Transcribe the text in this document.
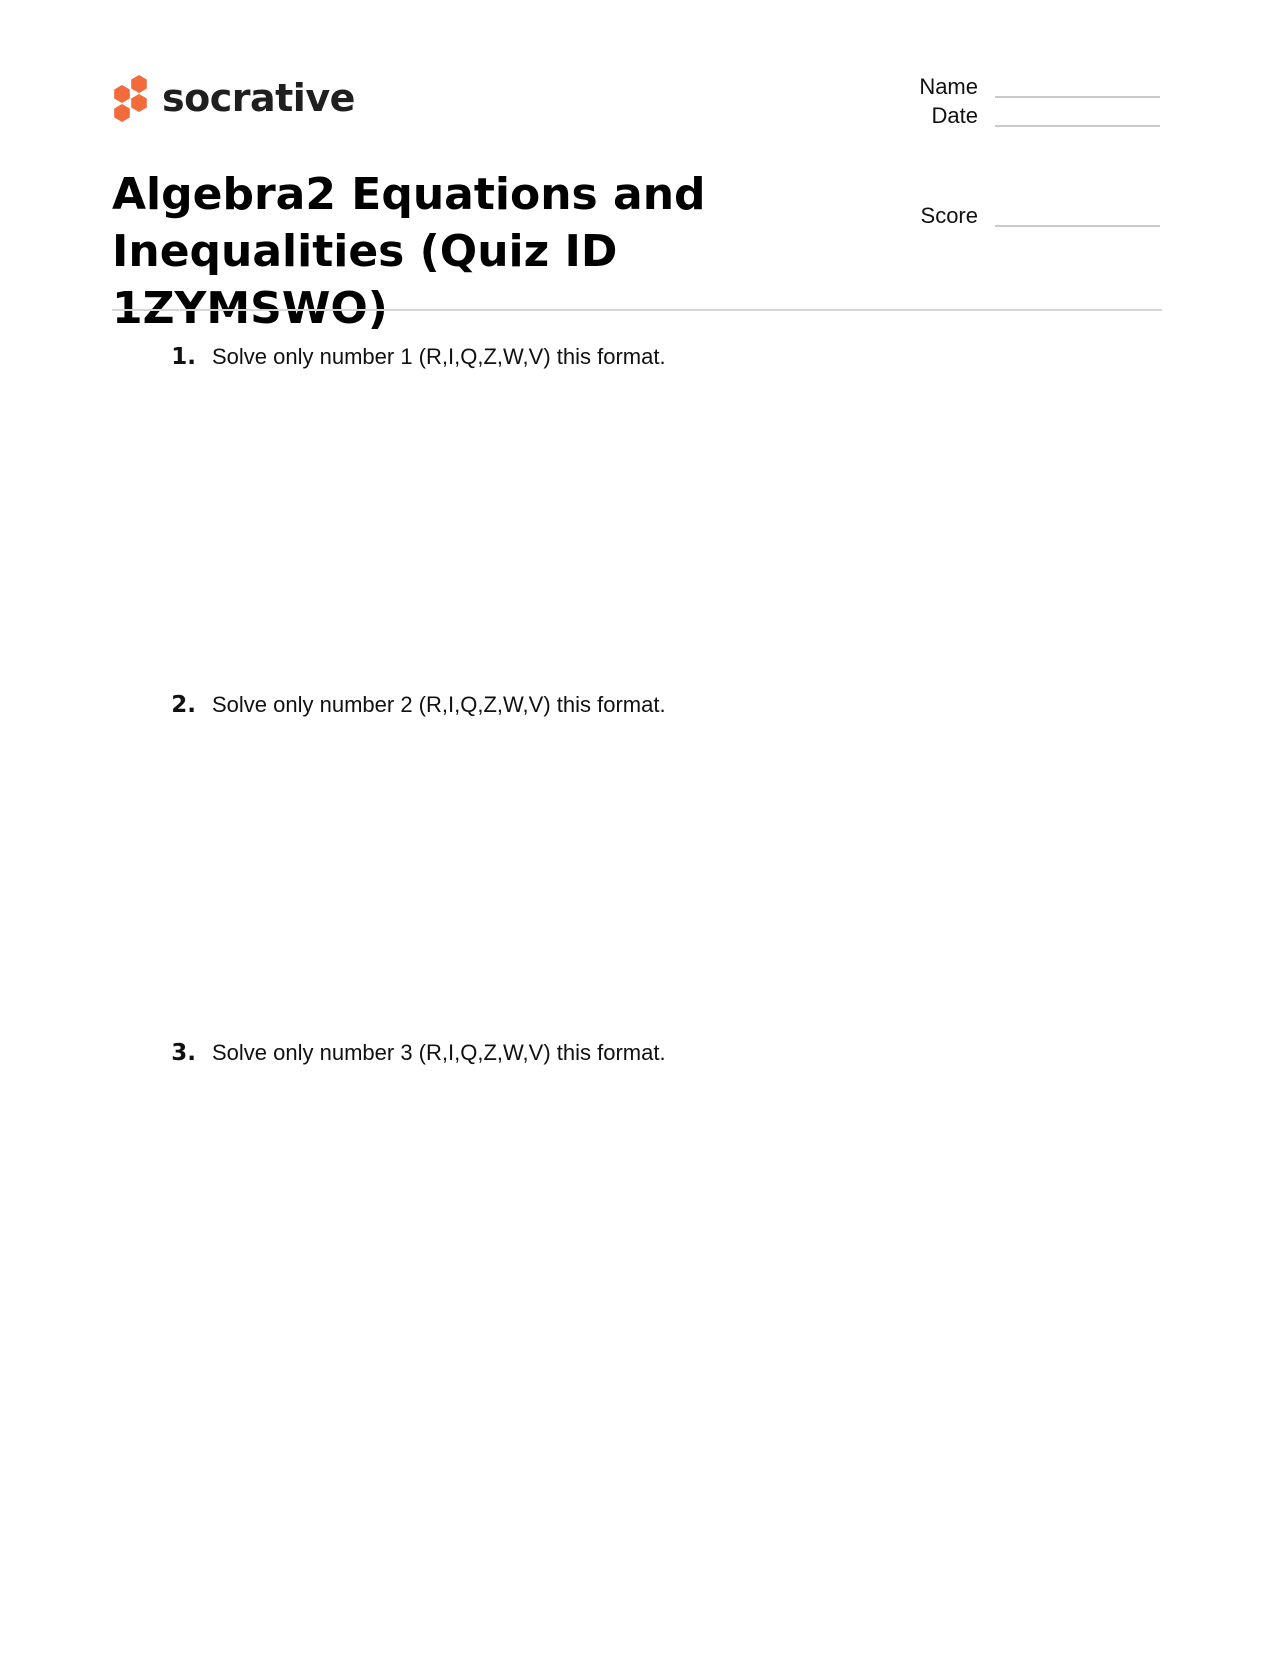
socrative	Name
Date
Score
Algebra2 Equations and Inequalities (Quiz ID 1ZYMSWO)
1. Solve only number 1 (R,I,Q,Z,W,V) this format.
2. Solve only number 2 (R,I,Q,Z,W,V) this format.
3. Solve only number 3 (R,I,Q,Z,W,V) this format.
